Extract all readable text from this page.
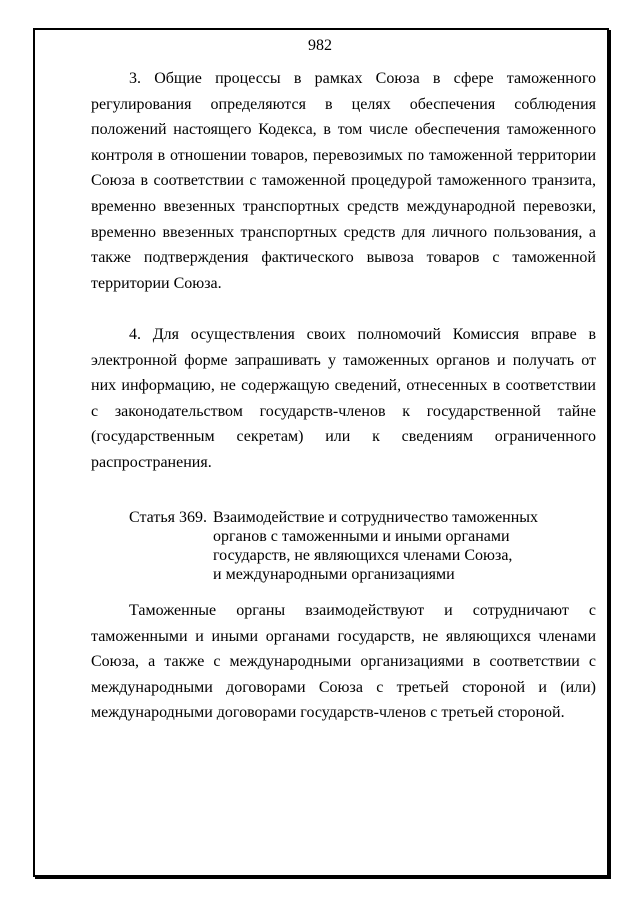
982

3. Общие процессы в рамках Союза в сфере таможенного регулирования определяются в целях обеспечения соблюдения положений настоящего Кодекса, в том числе обеспечения таможенного контроля в отношении товаров, перевозимых по таможенной территории Союза в соответствии с таможенной процедурой таможенного транзита, временно ввезенных транспортных средств международной перевозки, временно ввезенных транспортных средств для личного пользования, а также подтверждения фактического вывоза товаров с таможенной территории Союза.

4. Для осуществления своих полномочий Комиссия вправе в электронной форме запрашивать у таможенных органов и получать от них информацию, не содержащую сведений, отнесенных в соответствии с законодательством государств-членов к государственной тайне (государственным секретам) или к сведениям ограниченного распространения.

Статья 369. Взаимодействие и сотрудничество таможенных
органов с таможенными и иными органами
государств, не являющихся членами Союза,
и международными организациями

Таможенные органы взаимодействуют и сотрудничают с таможенными и иными органами государств, не являющихся членами Союза, а также с международными организациями в соответствии с международными договорами Союза с третьей стороной и (или) международными договорами государств-членов с третьей стороной.
